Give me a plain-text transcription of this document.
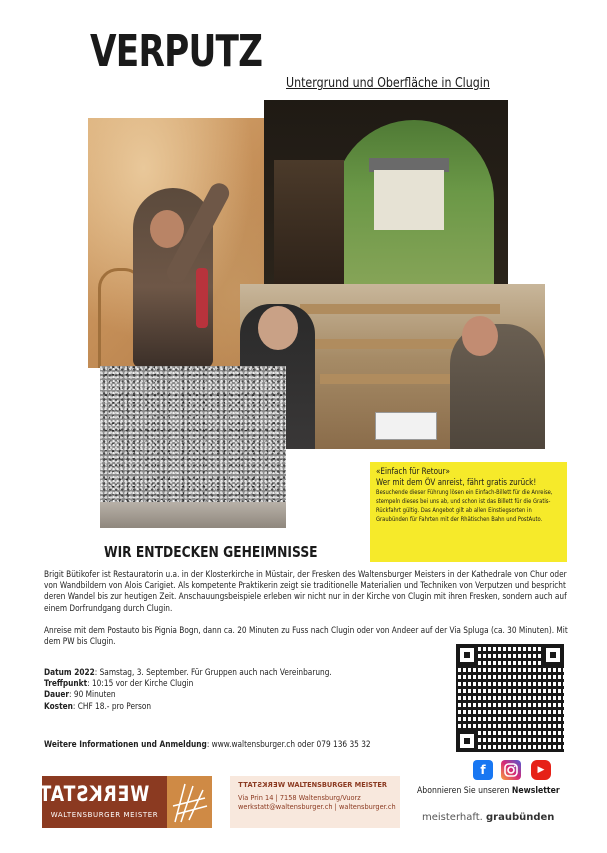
VERPUTZ
Untergrund und Oberfläche in Clugin
«Einfach für Retour»
Wer mit dem ÖV anreist, fährt gratis zurück!
Besuchende dieser Führung lösen ein Einfach-Billett für die Anreise, stempeln dieses bei uns ab, und schon ist das Billett für die Gratis-Rückfahrt gültig. Das Angebot gilt ab allen Einstiegsorten in Graubünden für Fahrten mit der Rhätischen Bahn und PostAuto.
WIR ENTDECKEN GEHEIMNISSE
Brigit Bütikofer ist Restauratorin u.a. in der Klosterkirche in Müstair, der Fresken des Waltensburger Meisters in der Kathedrale von Chur oder von Wandbildern von Alois Carigiet. Als kompetente Praktikerin zeigt sie traditionelle Materialien und Techniken von Verputzen und bespricht deren Wandel bis zur heutigen Zeit. Anschauungsbeispiele erleben wir nicht nur in der Kirche von Clugin mit ihren Fresken, sondern auch auf einem Dorfrundgang durch Clugin.
Anreise mit dem Postauto bis Pignia Bogn, dann ca. 20 Minuten zu Fuss nach Clugin oder von Andeer auf der Via Spluga (ca. 30 Minuten). Mit dem PW bis Clugin.
Datum 2022: Samstag, 3. September. Für Gruppen auch nach Vereinbarung.
Treffpunkt: 10:15 vor der Kirche Clugin
Dauer: 90 Minuten
Kosten: CHF 18.- pro Person
Weitere Informationen und Anmeldung: www.waltensburger.ch oder 079 136 35 32
f	▶
Abonnieren Sie unseren Newsletter
WERKSTATT
WALTENSBURGER MEISTER
WERKSTATT WALTENSBURGER MEISTER
Via Prin 14 | 7158 Waltensburg/Vuorz
werkstatt@waltensburger.ch | waltensburger.ch
meisterhaft. graubünden
